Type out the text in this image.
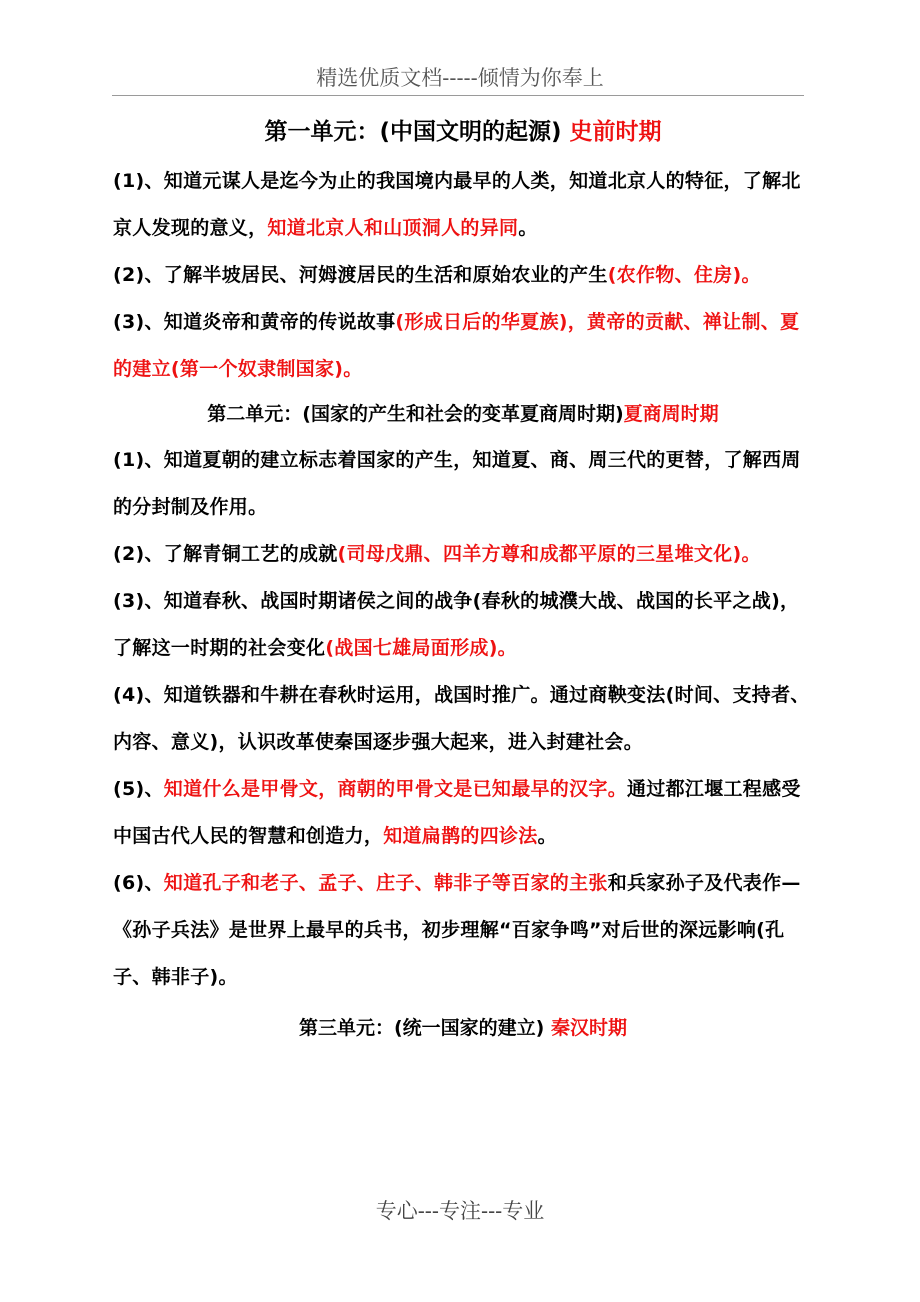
精选优质文档-----倾情为你奉上
第一单元：(中国文明的起源) 史前时期

(1)、知道元谋人是迄今为止的我国境内最早的人类，知道北京人的特征，了解北京人发现的意义，知道北京人和山顶洞人的异同。

(2)、了解半坡居民、河姆渡居民的生活和原始农业的产生(农作物、住房)。

(3)、知道炎帝和黄帝的传说故事(形成日后的华夏族)，黄帝的贡献、禅让制、夏的建立(第一个奴隶制国家)。

第二单元：(国家的产生和社会的变革夏商周时期)夏商周时期

(1)、知道夏朝的建立标志着国家的产生，知道夏、商、周三代的更替，了解西周的分封制及作用。

(2)、了解青铜工艺的成就(司母戊鼎、四羊方尊和成都平原的三星堆文化)。

(3)、知道春秋、战国时期诸侯之间的战争(春秋的城濮大战、战国的长平之战)，了解这一时期的社会变化(战国七雄局面形成)。

(4)、知道铁器和牛耕在春秋时运用，战国时推广。通过商鞅变法(时间、支持者、内容、意义)，认识改革使秦国逐步强大起来，进入封建社会。

(5)、知道什么是甲骨文，商朝的甲骨文是已知最早的汉字。通过都江堰工程感受中国古代人民的智慧和创造力，知道扁鹊的四诊法。

(6)、知道孔子和老子、孟子、庄子、韩非子等百家的主张和兵家孙子及代表作—《孙子兵法》是世界上最早的兵书，初步理解“百家争鸣”对后世的深远影响(孔子、韩非子)。

第三单元：(统一国家的建立) 秦汉时期
专心---专注---专业
